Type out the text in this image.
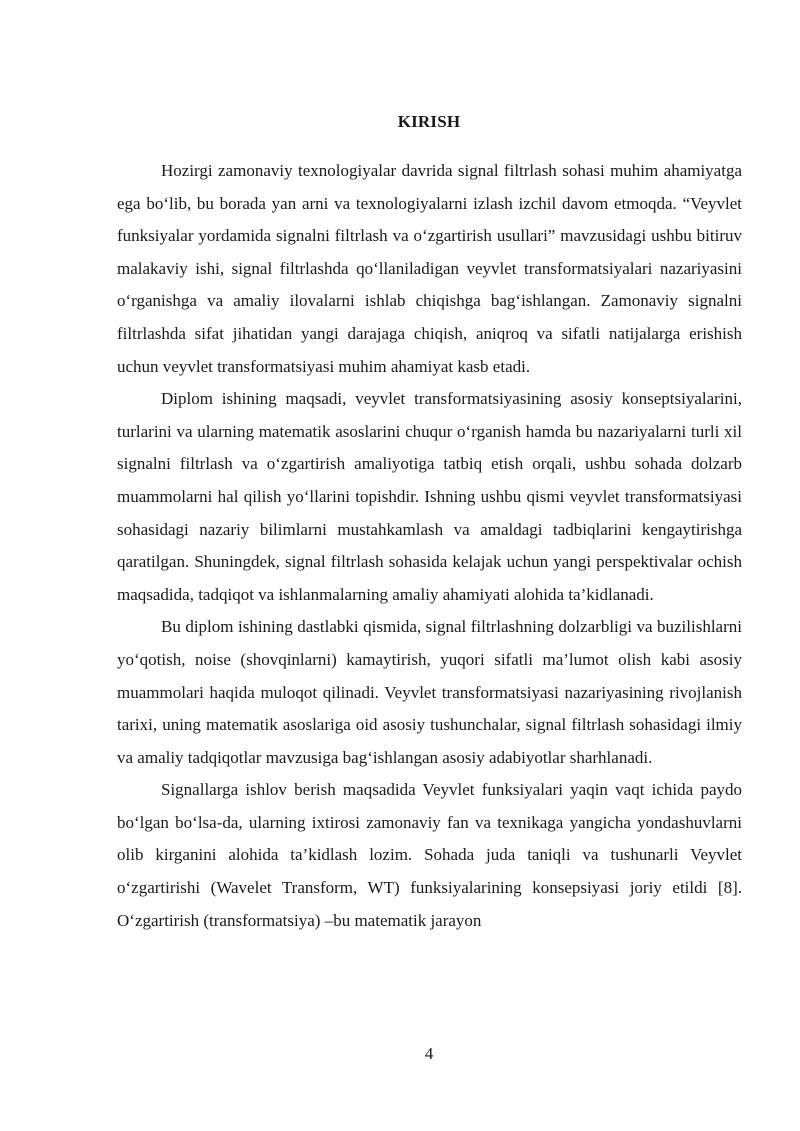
KIRISH

Hozirgi zamonaviy texnologiyalar davrida signal filtrlash sohasi muhim ahamiyatga ega bo‘lib, bu borada yan arni va texnologiyalarni izlash izchil davom etmoqda. “Veyvlet funksiyalar yordamida signalni filtrlash va o‘zgartirish usullari” mavzusidagi ushbu bitiruv malakaviy ishi, signal filtrlashda qo‘llaniladigan veyvlet transformatsiyalari nazariyasini o‘rganishga va amaliy ilovalarni ishlab chiqishga bag‘ishlangan. Zamonaviy signalni filtrlashda sifat jihatidan yangi darajaga chiqish, aniqroq va sifatli natijalarga erishish uchun veyvlet transformatsiyasi muhim ahamiyat kasb etadi.

Diplom ishining maqsadi, veyvlet transformatsiyasining asosiy konseptsiyalarini, turlarini va ularning matematik asoslarini chuqur o‘rganish hamda bu nazariyalarni turli xil signalni filtrlash va o‘zgartirish amaliyotiga tatbiq etish orqali, ushbu sohada dolzarb muammolarni hal qilish yo‘llarini topishdir. Ishning ushbu qismi veyvlet transformatsiyasi sohasidagi nazariy bilimlarni mustahkamlash va amaldagi tadbiqlarini kengaytirishga qaratilgan. Shuningdek, signal filtrlash sohasida kelajak uchun yangi perspektivalar ochish maqsadida, tadqiqot va ishlanmalarning amaliy ahamiyati alohida ta’kidlanadi.

Bu diplom ishining dastlabki qismida, signal filtrlashning dolzarbligi va buzilishlarni yo‘qotish, noise (shovqinlarni) kamaytirish, yuqori sifatli ma’lumot olish kabi asosiy muammolari haqida muloqot qilinadi. Veyvlet transformatsiyasi nazariyasining rivojlanish tarixi, uning matematik asoslariga oid asosiy tushunchalar, signal filtrlash sohasidagi ilmiy va amaliy tadqiqotlar mavzusiga bag‘ishlangan asosiy adabiyotlar sharhlanadi.

Signallarga ishlov berish maqsadida Veyvlet funksiyalari yaqin vaqt ichida paydo bo‘lgan bo‘lsa-da, ularning ixtirosi zamonaviy fan va texnikaga yangicha yondashuvlarni olib kirganini alohida ta’kidlash lozim. Sohada juda taniqli va tushunarli Veyvlet o‘zgartirishi (Wavelet Transform, WT) funksiyalarining konsepsiyasi joriy etildi [8]. O‘zgartirish (transformatsiya) –bu matematik jarayon

4
